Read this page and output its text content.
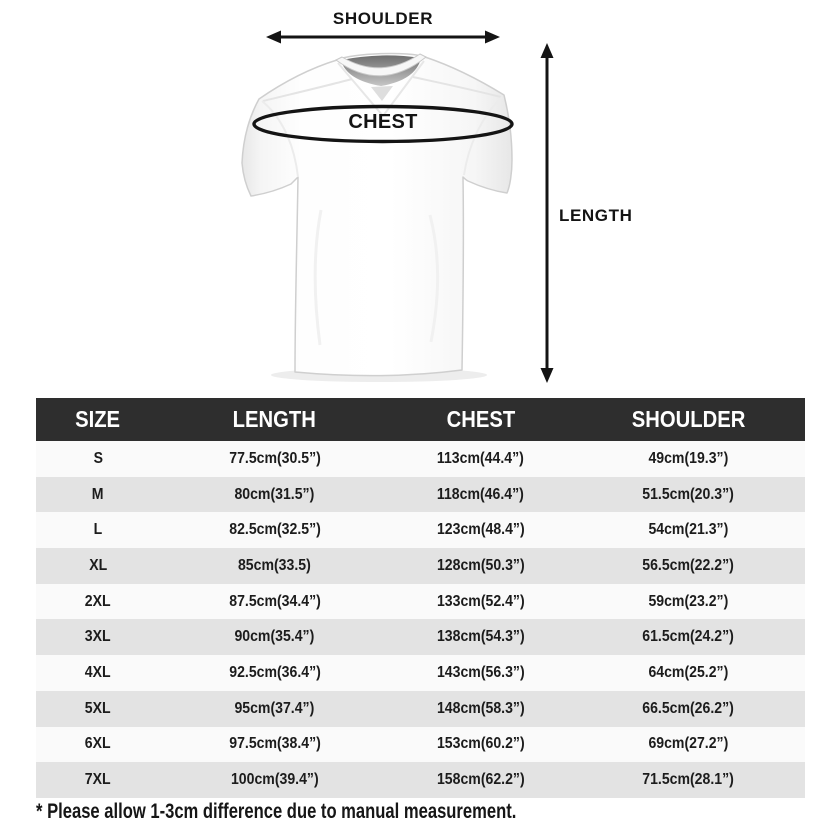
SHOULDER
CHEST
LENGTH
SIZE	LENGTH	CHEST	SHOULDER
S	77.5cm(30.5”)	113cm(44.4”)	49cm(19.3”)
M	80cm(31.5”)	118cm(46.4”)	51.5cm(20.3”)
L	82.5cm(32.5”)	123cm(48.4”)	54cm(21.3”)
XL	85cm(33.5)	128cm(50.3”)	56.5cm(22.2”)
2XL	87.5cm(34.4”)	133cm(52.4”)	59cm(23.2”)
3XL	90cm(35.4”)	138cm(54.3”)	61.5cm(24.2”)
4XL	92.5cm(36.4”)	143cm(56.3”)	64cm(25.2”)
5XL	95cm(37.4”)	148cm(58.3”)	66.5cm(26.2”)
6XL	97.5cm(38.4”)	153cm(60.2”)	69cm(27.2”)
7XL	100cm(39.4”)	158cm(62.2”)	71.5cm(28.1”)
* Please allow 1-3cm difference due to manual measurement.
